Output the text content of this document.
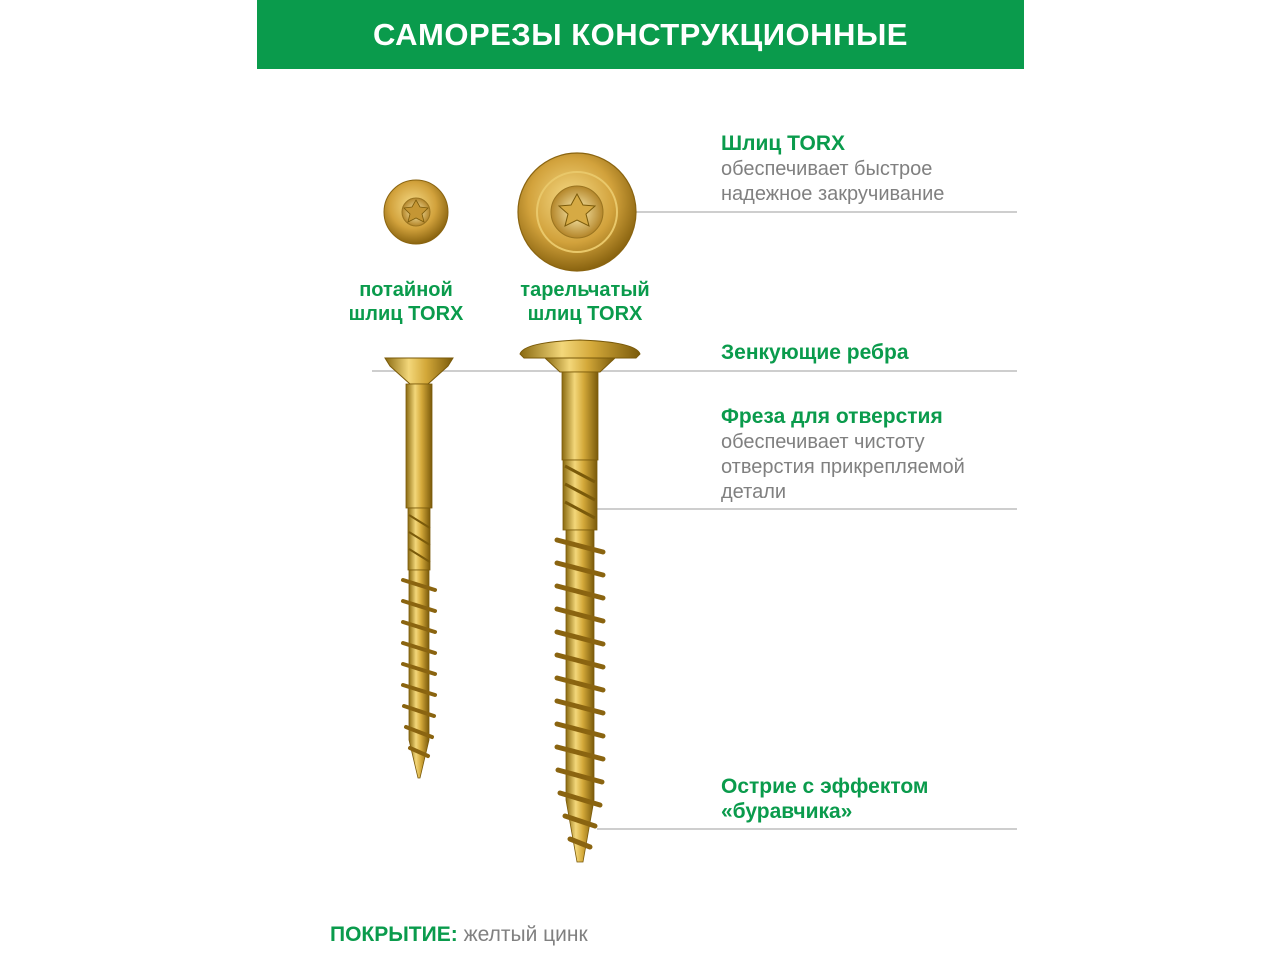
САМОРЕЗЫ КОНСТРУКЦИОННЫЕ
потайной
шлиц TORX
тарельчатый
шлиц TORX
Шлиц TORX
обеспечивает быстрое
надежное закручивание
Зенкующие ребра
Фреза для отверстия
обеспечивает чистоту
отверстия прикрепляемой
детали
Острие с эффектом
«буравчика»
ПОКРЫТИЕ: желтый цинк
